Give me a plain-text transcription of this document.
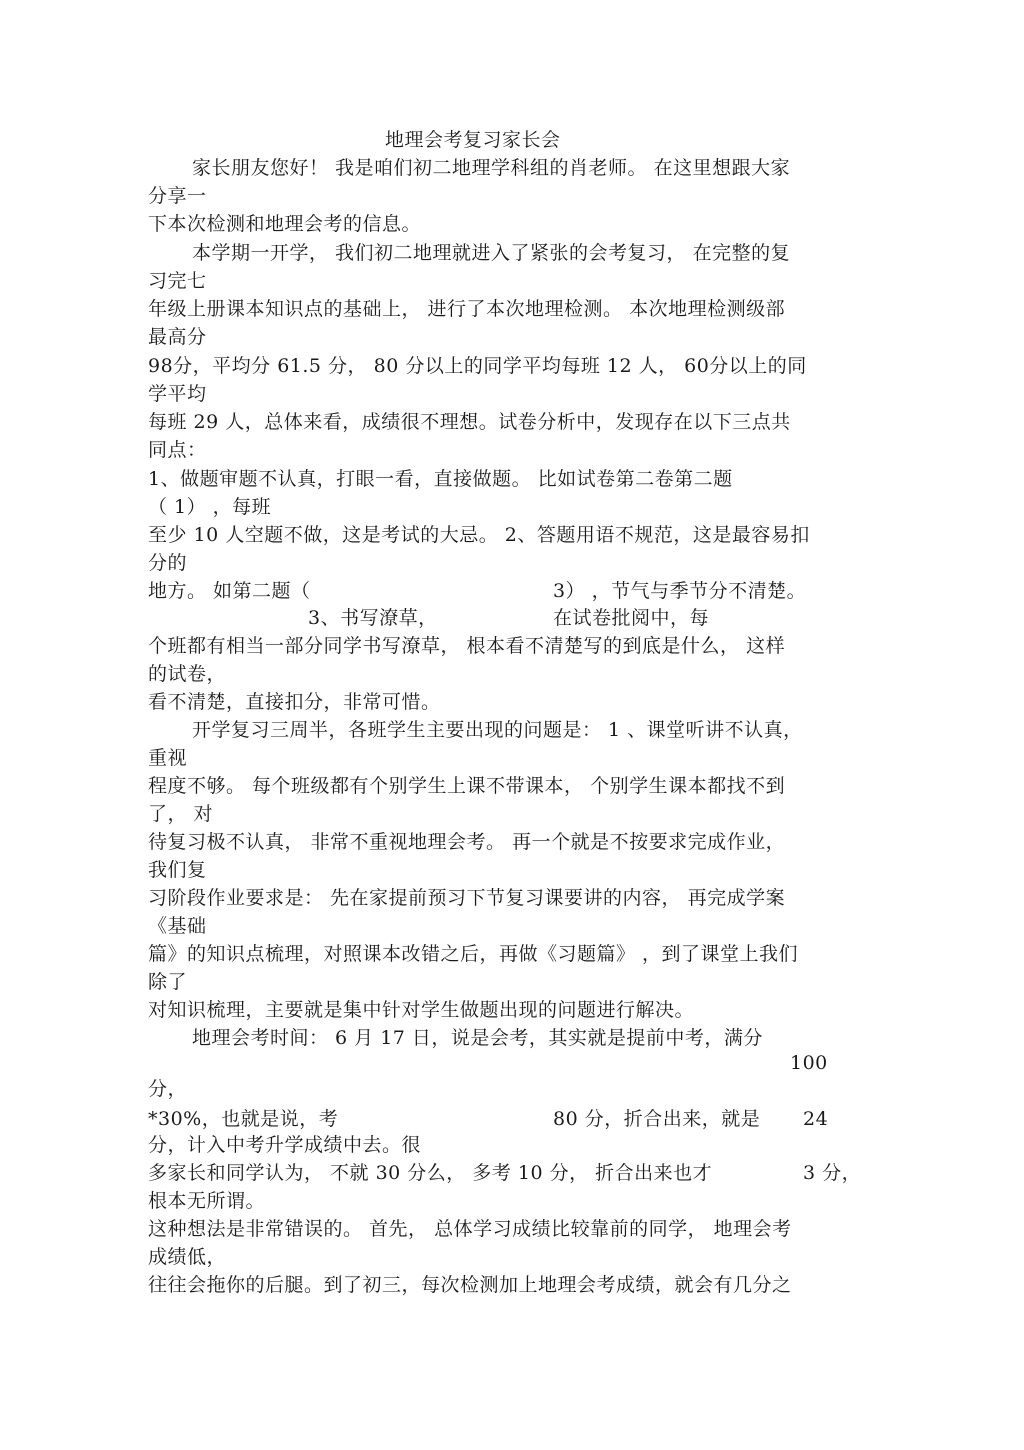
地理会考复习家长会
家长朋友您好！ 我是咱们初二地理学科组的肖老师。 在这里想跟大家
分享一
下本次检测和地理会考的信息。
本学期一开学， 我们初二地理就进入了紧张的会考复习， 在完整的复
习完七
年级上册课本知识点的基础上， 进行了本次地理检测。 本次地理检测级部
最高分
98分，平均分 61.5 分， 80 分以上的同学平均每班 12 人， 60分以上的同
学平均
每班 29 人，总体来看，成绩很不理想。试卷分析中，发现存在以下三点共
同点：
1、做题审题不认真，打眼一看，直接做题。 比如试卷第二卷第二题
（ 1） ，每班
至少 10 人空题不做，这是考试的大忌。 2、答题用语不规范，这是最容易扣
分的
地方。 如第二题（	3） ，节气与季节分不清楚。
3、书写潦草，	在试卷批阅中，每
个班都有相当一部分同学书写潦草， 根本看不清楚写的到底是什么， 这样
的试卷，
看不清楚，直接扣分，非常可惜。
开学复习三周半，各班学生主要出现的问题是： 1 、课堂听讲不认真，
重视
程度不够。 每个班级都有个别学生上课不带课本， 个别学生课本都找不到
了， 对
待复习极不认真， 非常不重视地理会考。 再一个就是不按要求完成作业，
我们复
习阶段作业要求是： 先在家提前预习下节复习课要讲的内容， 再完成学案
《基础
篇》的知识点梳理，对照课本改错之后，再做《习题篇》 ，到了课堂上我们
除了
对知识梳理，主要就是集中针对学生做题出现的问题进行解决。
地理会考时间： 6 月 17 日，说是会考，其实就是提前中考，满分
100
分，
*30%，也就是说，考	80 分，折合出来，就是 24
分，计入中考升学成绩中去。很
多家长和同学认为， 不就 30 分么， 多考 10 分， 折合出来也才	3 分，
根本无所谓。
这种想法是非常错误的。 首先， 总体学习成绩比较靠前的同学， 地理会考
成绩低，
往往会拖你的后腿。到了初三，每次检测加上地理会考成绩，就会有几分之
